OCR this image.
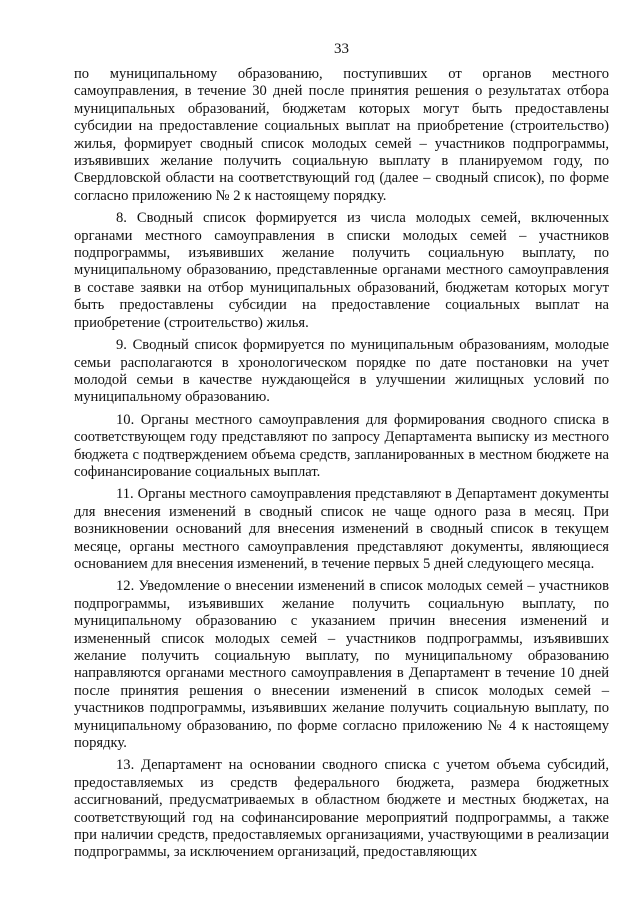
33

по муниципальному образованию, поступивших от органов местного самоуправления, в течение 30 дней после принятия решения о результатах отбора муниципальных образований, бюджетам которых могут быть предоставлены субсидии на предоставление социальных выплат на приобретение (строительство) жилья, формирует сводный список молодых семей – участников подпрограммы, изъявивших желание получить социальную выплату в планируемом году, по Свердловской области на соответствующий год (далее – сводный список), по форме согласно приложению № 2 к настоящему порядку.

8. Сводный список формируется из числа молодых семей, включенных органами местного самоуправления в списки молодых семей – участников подпрограммы, изъявивших желание получить социальную выплату, по муниципальному образованию, представленные органами местного самоуправления в составе заявки на отбор муниципальных образований, бюджетам которых могут быть предоставлены субсидии на предоставление социальных выплат на приобретение (строительство) жилья.

9. Сводный список формируется по муниципальным образованиям, молодые семьи располагаются в хронологическом порядке по дате постановки на учет молодой семьи в качестве нуждающейся в улучшении жилищных условий по муниципальному образованию.

10. Органы местного самоуправления для формирования сводного списка в соответствующем году представляют по запросу Департамента выписку из местного бюджета с подтверждением объема средств, запланированных в местном бюджете на софинансирование социальных выплат.

11. Органы местного самоуправления представляют в Департамент документы для внесения изменений в сводный список не чаще одного раза в месяц. При возникновении оснований для внесения изменений в сводный список в текущем месяце, органы местного самоуправления представляют документы, являющиеся основанием для внесения изменений, в течение первых 5 дней следующего месяца.

12. Уведомление о внесении изменений в список молодых семей – участников подпрограммы, изъявивших желание получить социальную выплату, по муниципальному образованию с указанием причин внесения изменений и измененный список молодых семей – участников подпрограммы, изъявивших желание получить социальную выплату, по муниципальному образованию направляются органами местного самоуправления в Департамент в течение 10 дней после принятия решения о внесении изменений в список молодых семей – участников подпрограммы, изъявивших желание получить социальную выплату, по муниципальному образованию, по форме согласно приложению № 4 к настоящему порядку.

13. Департамент на основании сводного списка с учетом объема субсидий, предоставляемых из средств федерального бюджета, размера бюджетных ассигнований, предусматриваемых в областном бюджете и местных бюджетах, на соответствующий год на софинансирование мероприятий подпрограммы, а также при наличии средств, предоставляемых организациями, участвующими в реализации подпрограммы, за исключением организаций, предоставляющих
